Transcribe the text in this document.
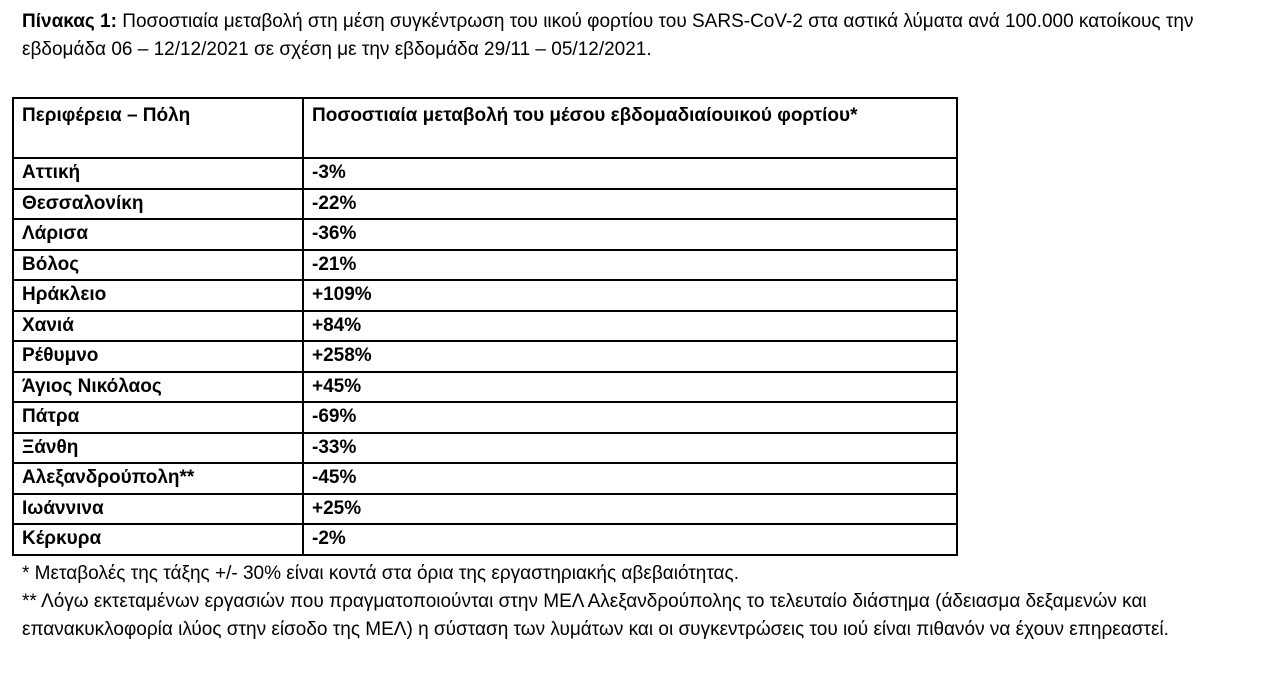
Πίνακας 1: Ποσοστιαία μεταβολή στη μέση συγκέντρωση του ιικού φορτίου του SARS-CoV-2 στα αστικά λύματα ανά 100.000 κατοίκους την εβδομάδα 06 – 12/12/2021 σε σχέση με την εβδομάδα 29/11 – 05/12/2021.
Περιφέρεια – Πόλη	Ποσοστιαία μεταβολή του μέσου εβδομαδιαίουικού φορτίου*
Αττική	-3%
Θεσσαλονίκη	-22%
Λάρισα	-36%
Βόλος	-21%
Ηράκλειο	+109%
Χανιά	+84%
Ρέθυμνο	+258%
Άγιος Νικόλαος	+45%
Πάτρα	-69%
Ξάνθη	-33%
Αλεξανδρούπολη**	-45%
Ιωάννινα	+25%
Κέρκυρα	-2%

* Μεταβολές της τάξης +/- 30% είναι κοντά στα όρια της εργαστηριακής αβεβαιότητας.

** Λόγω εκτεταμένων εργασιών που πραγματοποιούνται στην ΜΕΛ Αλεξανδρούπολης το τελευταίο διάστημα (άδειασμα δεξαμενών και επανακυκλοφορία ιλύος στην είσοδο της ΜΕΛ) η σύσταση των λυμάτων και οι συγκεντρώσεις του ιού είναι πιθανόν να έχουν επηρεαστεί.
